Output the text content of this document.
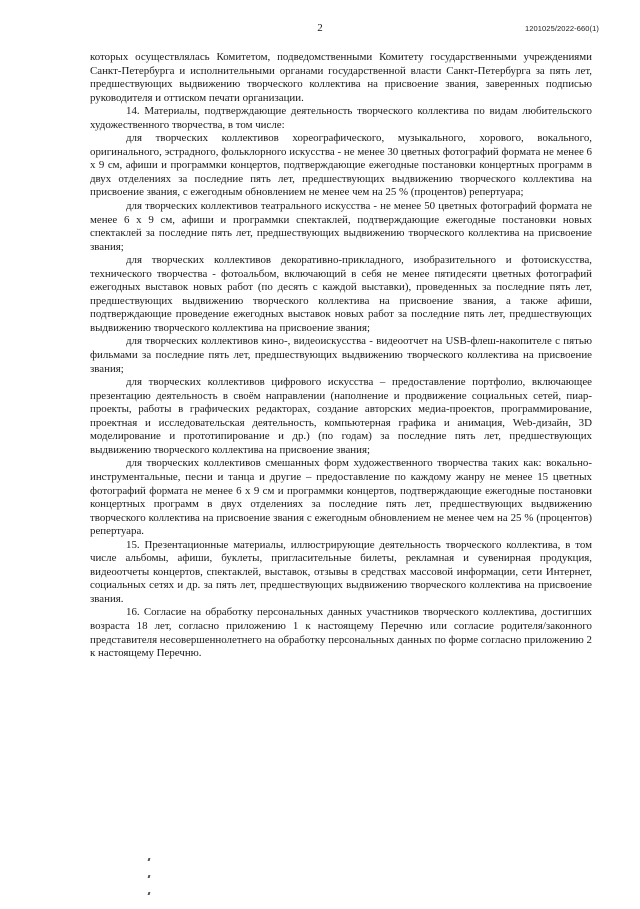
2	1201025/2022-660(1)

которых осуществлялась Комитетом, подведомственными Комитету государственными учреждениями Санкт-Петербурга и исполнительными органами государственной власти Санкт-Петербурга за пять лет, предшествующих выдвижению творческого коллектива на присвоение звания, заверенных подписью руководителя и оттиском печати организации.

14. Материалы, подтверждающие деятельность творческого коллектива по видам любительского художественного творчества, в том числе:

для творческих коллективов хореографического, музыкального, хорового, вокального, оригинального, эстрадного, фольклорного искусства - не менее 30 цветных фотографий формата не менее 6 х 9 см, афиши и программки концертов, подтверждающие ежегодные постановки концертных программ в двух отделениях за последние пять лет, предшествующих выдвижению творческого коллектива на присвоение звания, с ежегодным обновлением не менее чем на 25 % (процентов) репертуара;

для творческих коллективов театрального искусства - не менее 50 цветных фотографий формата не менее 6 х 9 см, афиши и программки спектаклей, подтверждающие ежегодные постановки новых спектаклей за последние пять лет, предшествующих выдвижению творческого коллектива на присвоение звания;

для творческих коллективов декоративно-прикладного, изобразительного и фотоискусства, технического творчества - фотоальбом, включающий в себя не менее пятидесяти цветных фотографий ежегодных выставок новых работ (по десять с каждой выставки), проведенных за последние пять лет, предшествующих выдвижению творческого коллектива на присвоение звания, а также афиши, подтверждающие проведение ежегодных выставок новых работ за последние пять лет, предшествующих выдвижению творческого коллектива на присвоение звания;

для творческих коллективов кино-, видеоискусства - видеоотчет на USB-флеш-накопителе с пятью фильмами за последние пять лет, предшествующих выдвижению творческого коллектива на присвоение звания;

для творческих коллективов цифрового искусства – предоставление портфолио, включающее презентацию деятельность в своём направлении (наполнение и продвижение социальных сетей, пиар-проекты, работы в графических редакторах, создание авторских медиа-проектов, программирование, проектная и исследовательская деятельность, компьютерная графика и анимация, Web-дизайн, 3D моделирование и прототипирование и др.) (по годам) за последние пять лет, предшествующих выдвижению творческого коллектива на присвоение звания;

для творческих коллективов смешанных форм художественного творчества таких как: вокально-инструментальные, песни и танца и другие – предоставление по каждому жанру не менее 15 цветных фотографий формата не менее 6 х 9 см и программки концертов, подтверждающие ежегодные постановки концертных программ в двух отделениях за последние пять лет, предшествующих выдвижению творческого коллектива на присвоение звания с ежегодным обновлением не менее чем на 25 % (процентов) репертуара.

15. Презентационные материалы, иллюстрирующие деятельность творческого коллектива, в том числе альбомы, афиши, буклеты, пригласительные билеты, рекламная и сувенирная продукция, видеоотчеты концертов, спектаклей, выставок, отзывы в средствах массовой информации, сети Интернет, социальных сетях и др. за пять лет, предшествующих выдвижению творческого коллектива на присвоение звания.

16. Согласие на обработку персональных данных участников творческого коллектива, достигших возраста 18 лет, согласно приложению 1 к настоящему Перечню или согласие родителя/законного представителя несовершеннолетнего на обработку персональных данных по форме согласно приложению 2 к настоящему Перечню.
